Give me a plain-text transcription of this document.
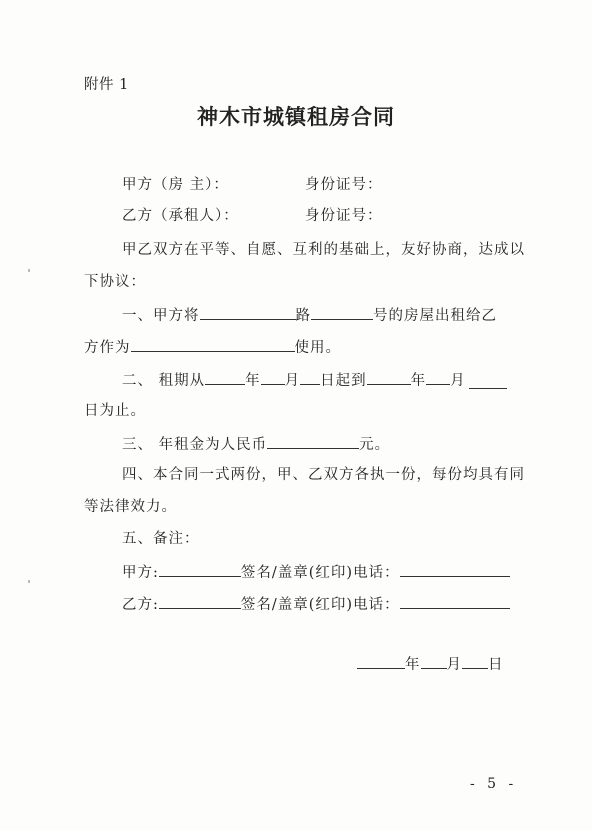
附件 1
神木市城镇租房合同
甲方（房 主）：	身份证号：
乙方（承租人）：	身份证号：
甲乙双方在平等、自愿、互利的基础上，友好协商，达成以
下协议：
一、甲方将	路	号的房屋出租给乙
方作为	使用。
二、 租期从	年 月 日起到	年 月
日为止。
三、 年租金为人民币	元。
四、本合同一式两份，甲、乙双方各执一份，每份均具有同
等法律效力。
五、备注：
甲方:	签名/盖章(红印)电话：
乙方:	签名/盖章(红印)电话：
年 月 日
- 5 -
